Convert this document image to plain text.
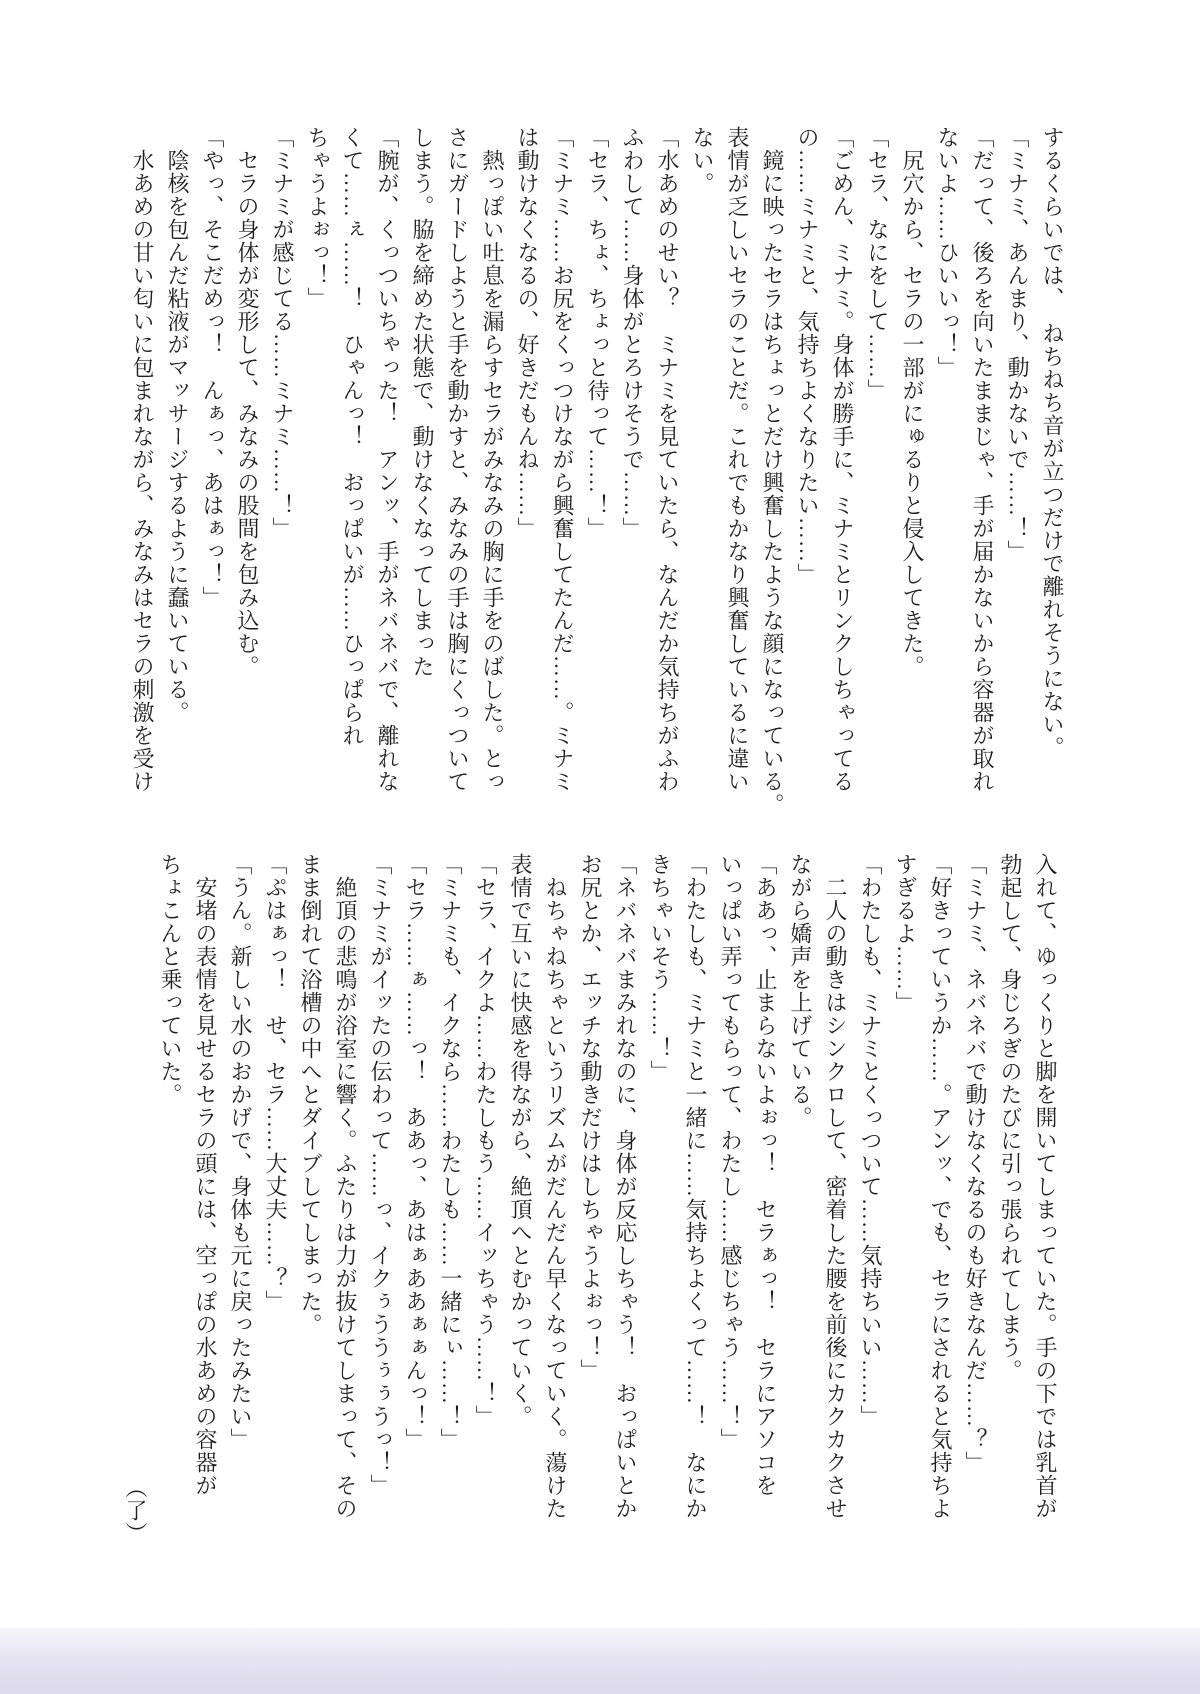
するくらいでは、　ねちねち音が立つだけで離れそうにない。

「ミナミ、あんまり、動かないで……！」

「だって、後ろを向いたままじゃ、手が届かないから容器が取れ

ないよ……ひいいっ！」

　尻穴から、セラの一部がにゅるりと侵入してきた。

「セラ、なにをして……」

「ごめん、ミナミ。身体が勝手に、ミナミとリンクしちゃってる

の……ミナミと、気持ちよくなりたい……」

　鏡に映ったセラはちょっとだけ興奮したような顔になっている。

表情が乏しいセラのことだ。これでもかなり興奮しているに違い

ない。

「水あめのせい？　ミナミを見ていたら、なんだか気持ちがふわ

ふわして……身体がとろけそうで……」

「セラ、ちょ、ちょっと待って……！」

「ミナミ……お尻をくっつけながら興奮してたんだ……。ミナミ

は動けなくなるの、好きだもんね……」

　熱っぽい吐息を漏らすセラがみなみの胸に手をのばした。とっ

さにガードしようと手を動かすと、みなみの手は胸にくっついて

しまう。脇を締めた状態で、動けなくなってしまった

「腕が、くっついちゃった！　アンッ、手がネバネバで、離れな

くて……ぇ……！　ひゃんっ！　おっぱいが……ひっぱられ

ちゃうよぉっ！」

「ミナミが感じてる……ミナミ……！」

　セラの身体が変形して、みなみの股間を包み込む。

「やっ、そこだめっ！　んぁっ、あはぁっ！」

　陰核を包んだ粘液がマッサージするように蠢いている。

　水あめの甘い匂いに包まれながら、みなみはセラの刺激を受け

入れて、ゆっくりと脚を開いてしまっていた。手の下では乳首が

勃起して、身じろぎのたびに引っ張られてしまう。

「ミナミ、ネバネバで動けなくなるのも好きなんだ……？」

「好きっていうか……。アンッ、でも、セラにされると気持ちよ

すぎるよ……」

「わたしも、ミナミとくっついて……気持ちいい……」

　二人の動きはシンクロして、密着した腰を前後にカクカクさせ

ながら嬌声を上げている。

「ああっ、止まらないよぉっ！　セラぁっ！　セラにアソコを

いっぱい弄ってもらって、わたし……感じちゃう……！」

「わたしも、ミナミと一緒に……気持ちよくって……！　なにか

きちゃいそう……！」

「ネバネバまみれなのに、身体が反応しちゃう！　おっぱいとか

お尻とか、エッチな動きだけはしちゃうよぉっ！」

　ねちゃねちゃというリズムがだんだん早くなっていく。蕩けた

表情で互いに快感を得ながら、絶頂へとむかっていく。

「セラ、イクよ……わたしもう……イッちゃう……！」

「ミナミも、イクなら……わたしも……一緒にぃ……！」

「セラ……ぁ……っ！　ああっ、あはぁああぁぁんっ！」

「ミナミがイッたの伝わって……っ、イクぅううぅぅうっ！」

　絶頂の悲鳴が浴室に響く。ふたりは力が抜けてしまって、その

まま倒れて浴槽の中へとダイブしてしまった。

「ぷはぁっ！　せ、セラ……大丈夫……？」

「うん。新しい水のおかげで、身体も元に戻ったみたい」

　安堵の表情を見せるセラの頭には、空っぽの水あめの容器が

ちょこんと乗っていた。

（了）
